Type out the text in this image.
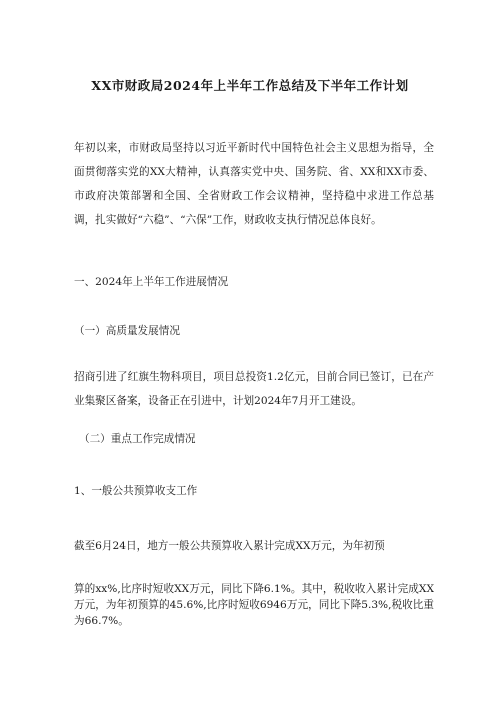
XX市财政局2024年上半年工作总结及下半年工作计划
年初以来，市财政局坚持以习近平新时代中国特色社会主义思想为指导，全面贯彻落实党的XX大精神，认真落实党中央、国务院、省、XX和XX市委、市政府决策部署和全国、全省财政工作会议精神，坚持稳中求进工作总基调，扎实做好“六稳”、“六保”工作，财政收支执行情况总体良好。
一、2024年上半年工作进展情况
（一）高质量发展情况
招商引进了红旗生物科项目，项目总投资1.2亿元，目前合同已签订，已在产业集聚区备案，设备正在引进中，计划2024年7月开工建设。
（二）重点工作完成情况
1、一般公共预算收支工作
截至6月24日，地方一般公共预算收入累计完成XX万元，为年初预
算的xx%,比序时短收XX万元，同比下降6.1%。其中，税收收入累计完成XX万元，为年初预算的45.6%,比序时短收6946万元，同比下降5.3%,税收比重为66.7%。
